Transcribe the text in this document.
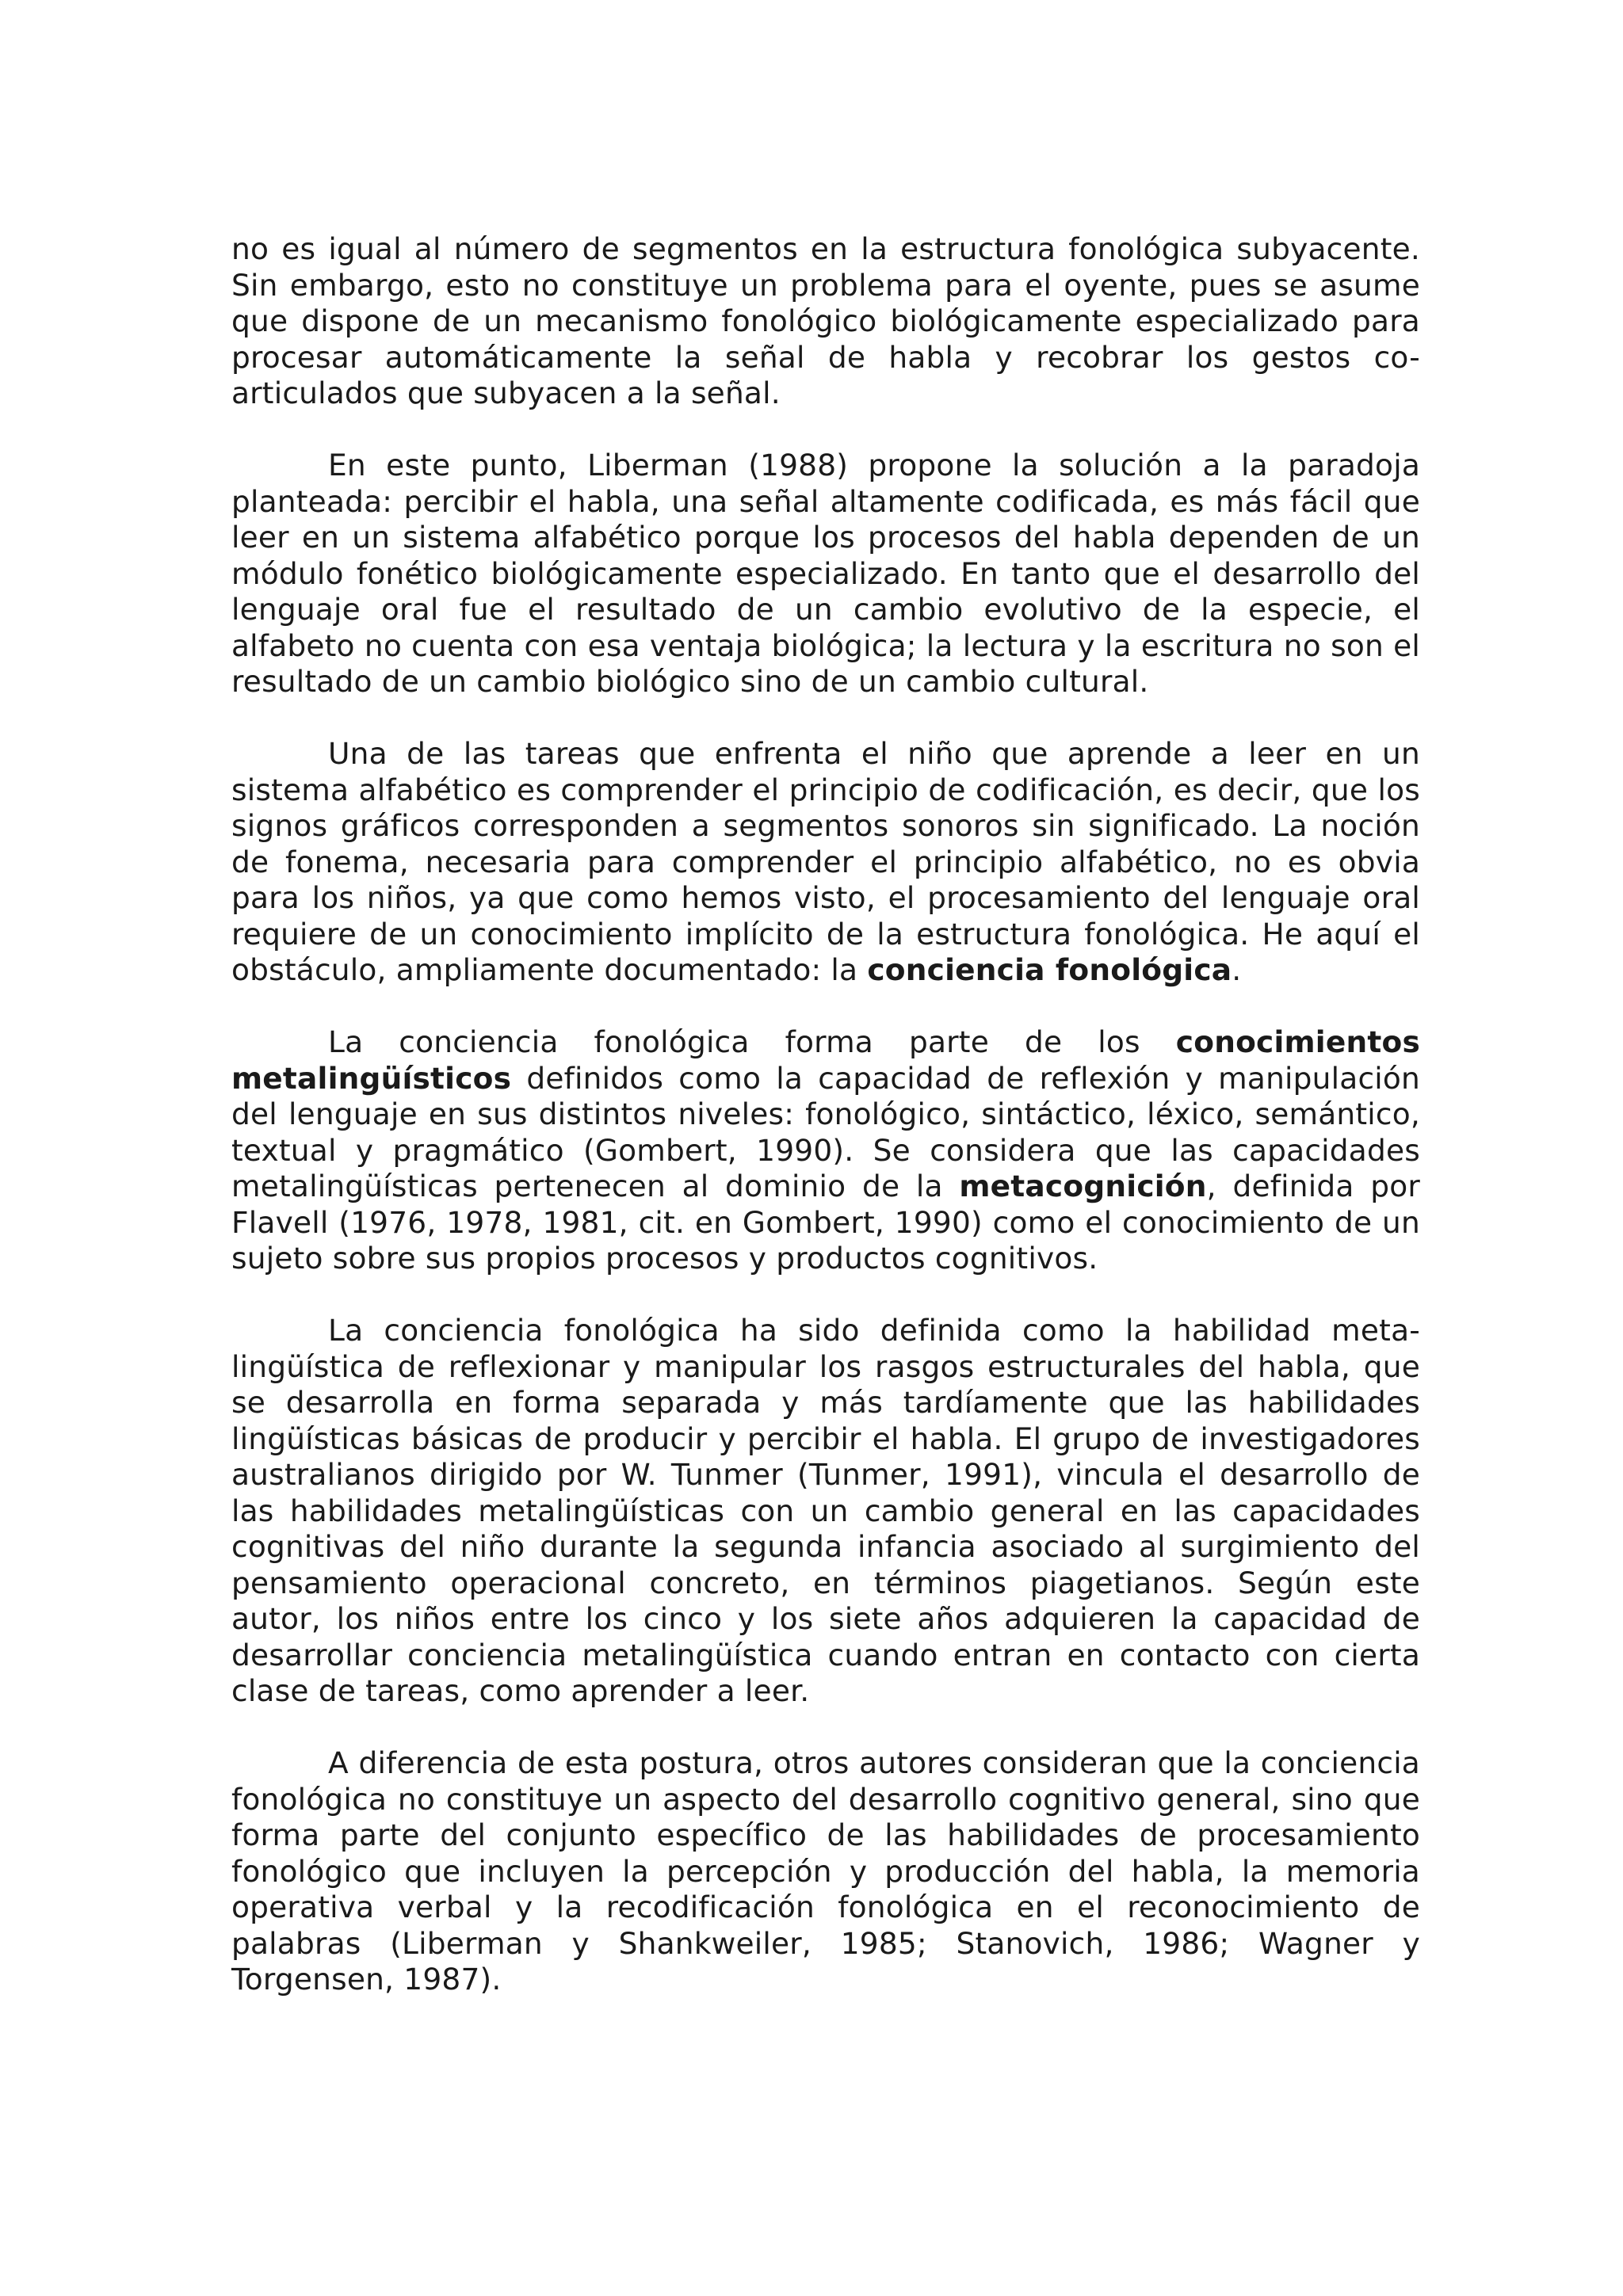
no es igual al número de segmentos en la estructura fonológica subyacente. Sin embargo, esto no constituye un problema para el oyente, pues se asume que dispone de un mecanismo fonológico biológicamente especializado para procesar automáticamente la señal de habla y recobrar los gestos co-articulados que subyacen a la señal.

En este punto, Liberman (1988) propone la solución a la paradoja planteada: percibir el habla, una señal altamente codificada, es más fácil que leer en un sistema alfabético porque los procesos del habla dependen de un módulo fonético biológicamente especializado. En tanto que el desarrollo del lenguaje oral fue el resultado de un cambio evolutivo de la especie, el alfabeto no cuenta con esa ventaja biológica; la lectura y la escritura no son el resultado de un cambio biológico sino de un cambio cultural.

Una de las tareas que enfrenta el niño que aprende a leer en un sistema alfabético es comprender el principio de codificación, es decir, que los signos gráficos corresponden a segmentos sonoros sin significado. La noción de fonema, necesaria para comprender el principio alfabético, no es obvia para los niños, ya que como hemos visto, el procesamiento del lenguaje oral requiere de un conocimiento implícito de la estructura fonológica. He aquí el obstáculo, ampliamente documentado: la conciencia fonológica.

La conciencia fonológica forma parte de los conocimientos metalingüísticos definidos como la capacidad de reflexión y manipulación del lenguaje en sus distintos niveles: fonológico, sintáctico, léxico, semántico, textual y pragmático (Gombert, 1990). Se considera que las capacidades metalingüísticas pertenecen al dominio de la metacognición, definida por Flavell (1976, 1978, 1981, cit. en Gombert, 1990) como el conocimiento de un sujeto sobre sus propios procesos y productos cognitivos.

La conciencia fonológica ha sido definida como la habilidad meta-lingüística de reflexionar y manipular los rasgos estructurales del habla, que se desarrolla en forma separada y más tardíamente que las habilidades lingüísticas básicas de producir y percibir el habla. El grupo de investigadores australianos dirigido por W. Tunmer (Tunmer, 1991), vincula el desarrollo de las habilidades metalingüísticas con un cambio general en las capacidades cognitivas del niño durante la segunda infancia asociado al surgimiento del pensamiento operacional concreto, en términos piagetianos. Según este autor, los niños entre los cinco y los siete años adquieren la capacidad de desarrollar conciencia metalingüística cuando entran en contacto con cierta clase de tareas, como aprender a leer.

A diferencia de esta postura, otros autores consideran que la conciencia fonológica no constituye un aspecto del desarrollo cognitivo general, sino que forma parte del conjunto específico de las habilidades de procesamiento fonológico que incluyen la percepción y producción del habla, la memoria operativa verbal y la recodificación fonológica en el reconocimiento de palabras (Liberman y Shankweiler, 1985; Stanovich, 1986; Wagner y Torgensen, 1987).
